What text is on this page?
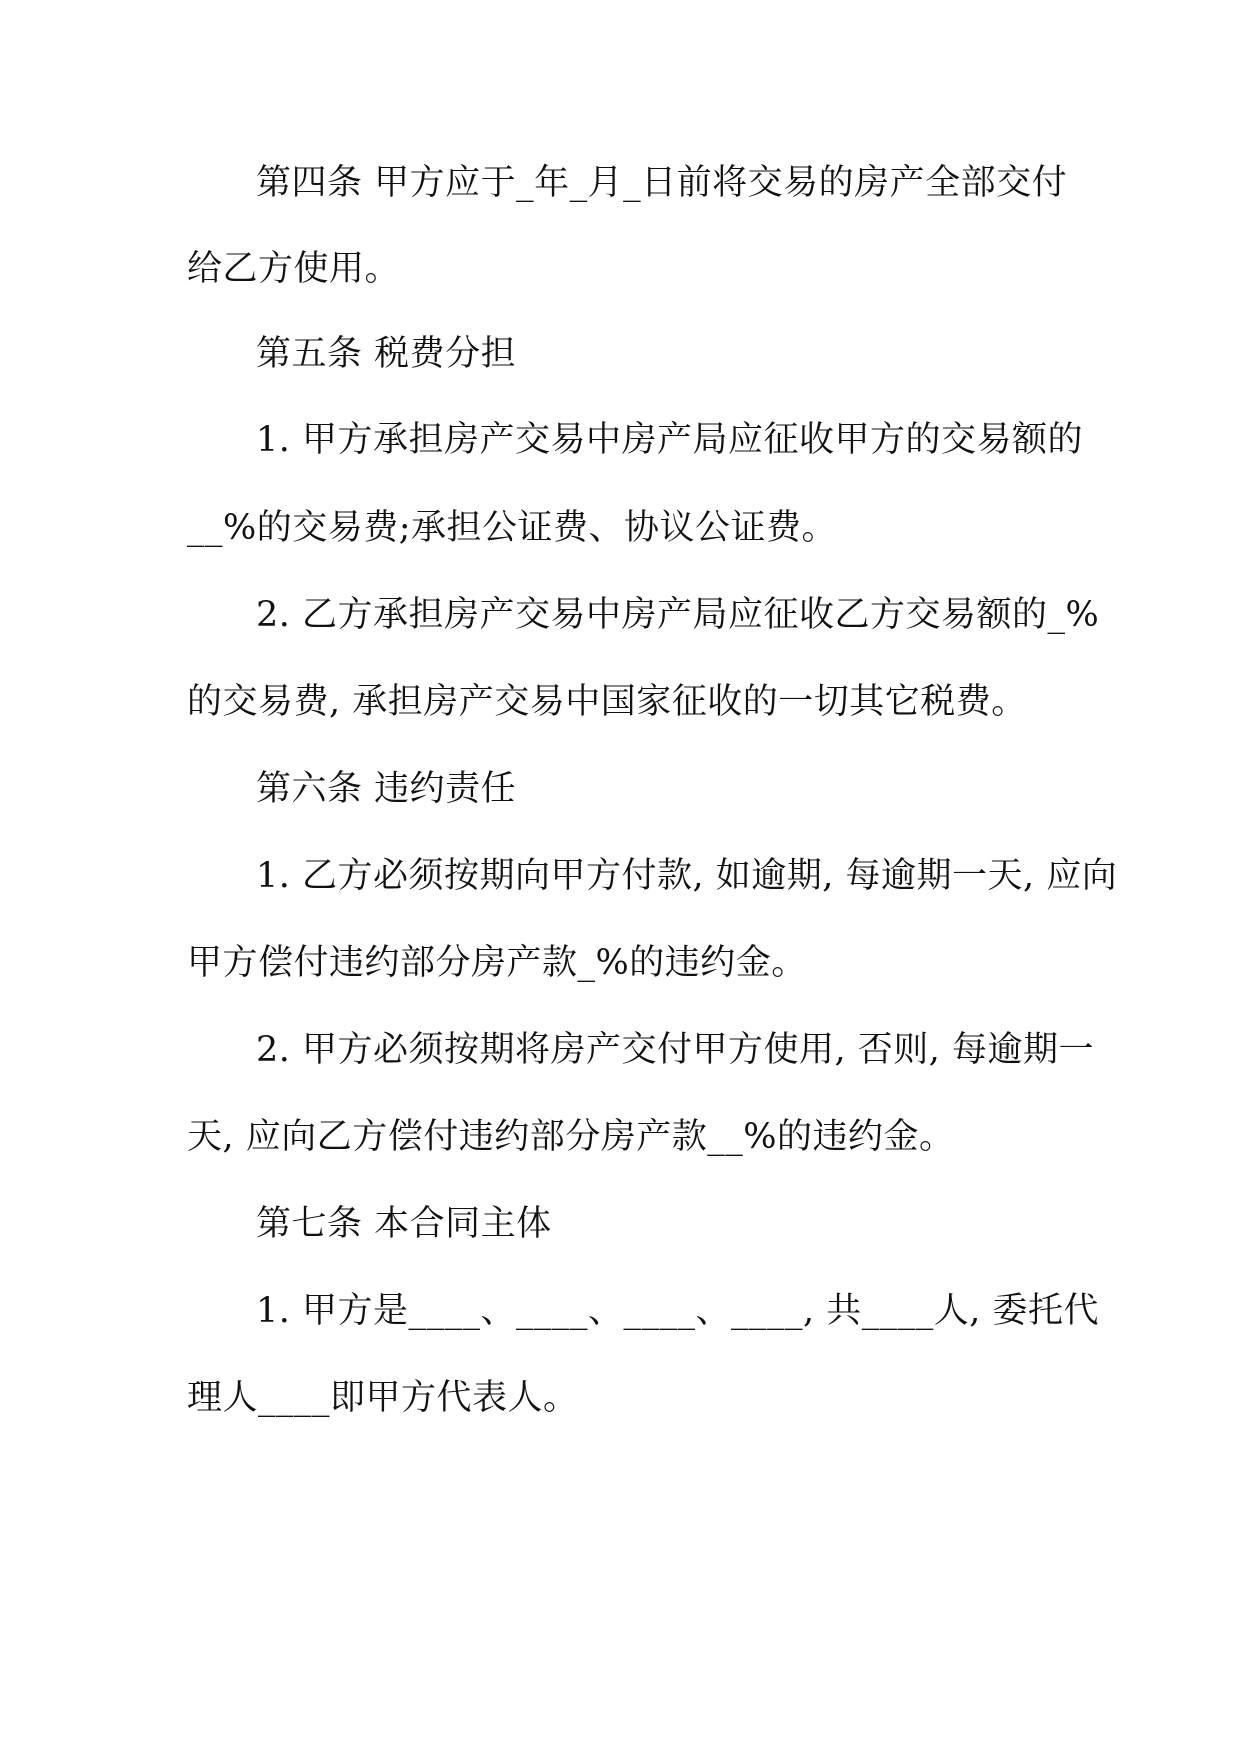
第四条 甲方应于_年_月_日前将交易的房产全部交付
给乙方使用。
第五条 税费分担
1. 甲方承担房产交易中房产局应征收甲方的交易额的
__%的交易费;承担公证费、协议公证费。
2. 乙方承担房产交易中房产局应征收乙方交易额的_%
的交易费, 承担房产交易中国家征收的一切其它税费。
第六条 违约责任
1. 乙方必须按期向甲方付款, 如逾期, 每逾期一天, 应向
甲方偿付违约部分房产款_%的违约金。
2. 甲方必须按期将房产交付甲方使用, 否则, 每逾期一
天, 应向乙方偿付违约部分房产款__%的违约金。
第七条 本合同主体
1. 甲方是____、____、____、____, 共____人, 委托代
理人____即甲方代表人。
